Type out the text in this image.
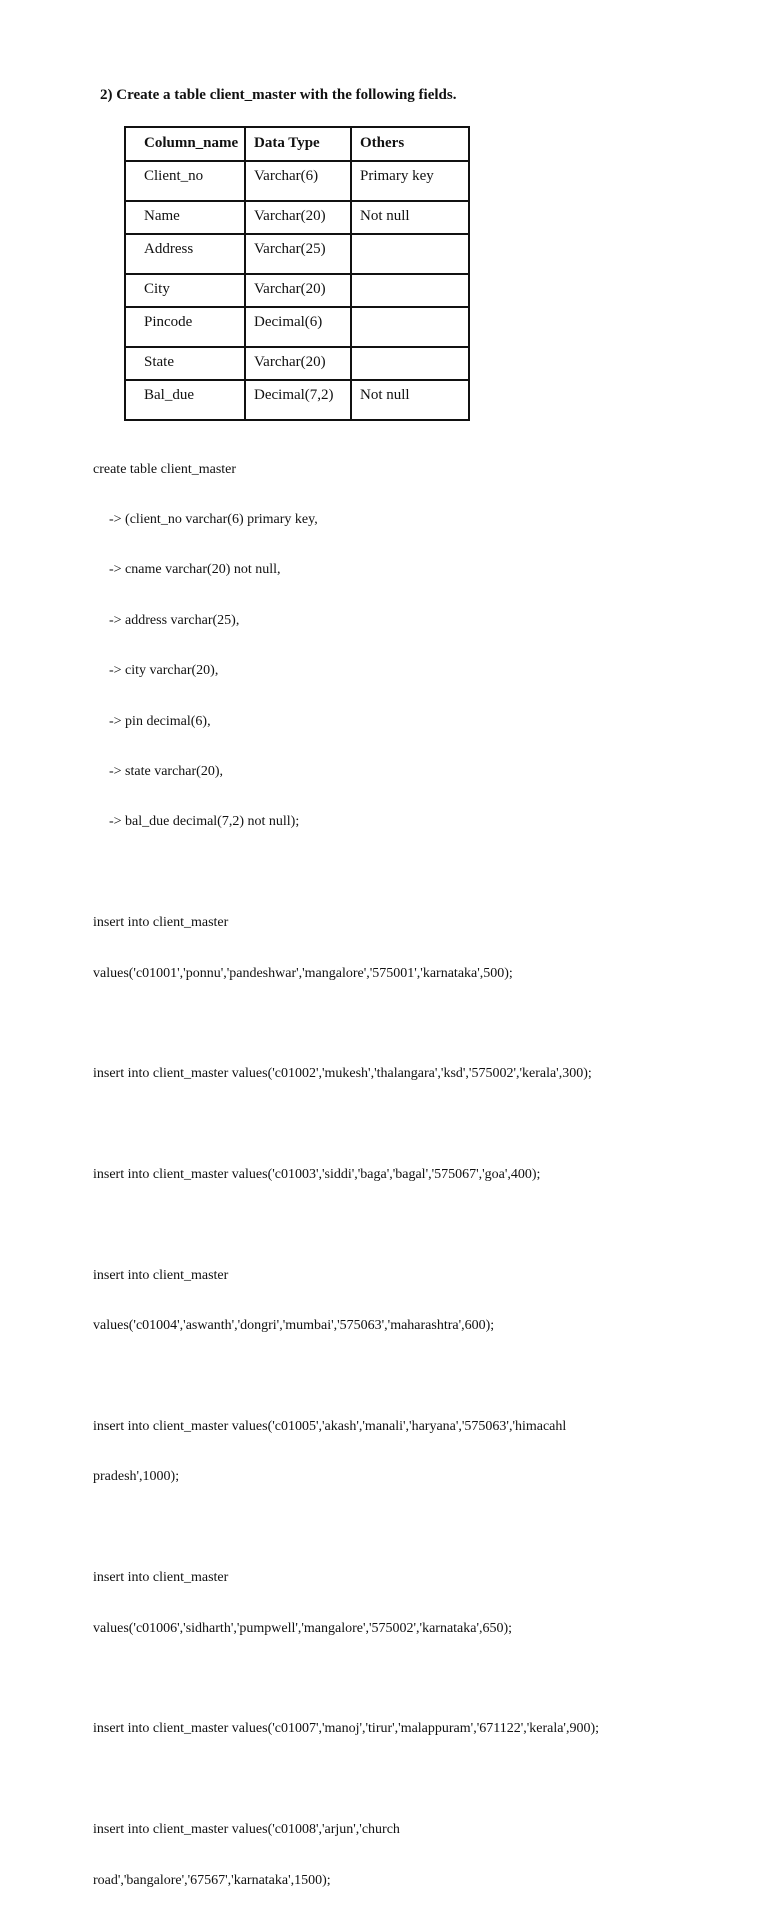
2) Create a table client_master with the following fields.
Column_name	Data Type	Others
Client_no	Varchar(6)	Primary key
Name	Varchar(20)	Not null
Address	Varchar(25)	
City	Varchar(20)	
Pincode	Decimal(6)	
State	Varchar(20)	
Bal_due	Decimal(7,2)	Not null

create table client_master

-> (client_no varchar(6) primary key,

-> cname varchar(20) not null,

-> address varchar(25),

-> city varchar(20),

-> pin decimal(6),

-> state varchar(20),

-> bal_due decimal(7,2) not null);

insert into client_master

values('c01001','ponnu','pandeshwar','mangalore','575001','karnataka',500);

insert into client_master values('c01002','mukesh','thalangara','ksd','575002','kerala',300);

insert into client_master values('c01003','siddi','baga','bagal','575067','goa',400);

insert into client_master

values('c01004','aswanth','dongri','mumbai','575063','maharashtra',600);

insert into client_master values('c01005','akash','manali','haryana','575063','himacahl

pradesh',1000);

insert into client_master

values('c01006','sidharth','pumpwell','mangalore','575002','karnataka',650);

insert into client_master values('c01007','manoj','tirur','malappuram','671122','kerala',900);

insert into client_master values('c01008','arjun','church

road','bangalore','67567','karnataka',1500);
